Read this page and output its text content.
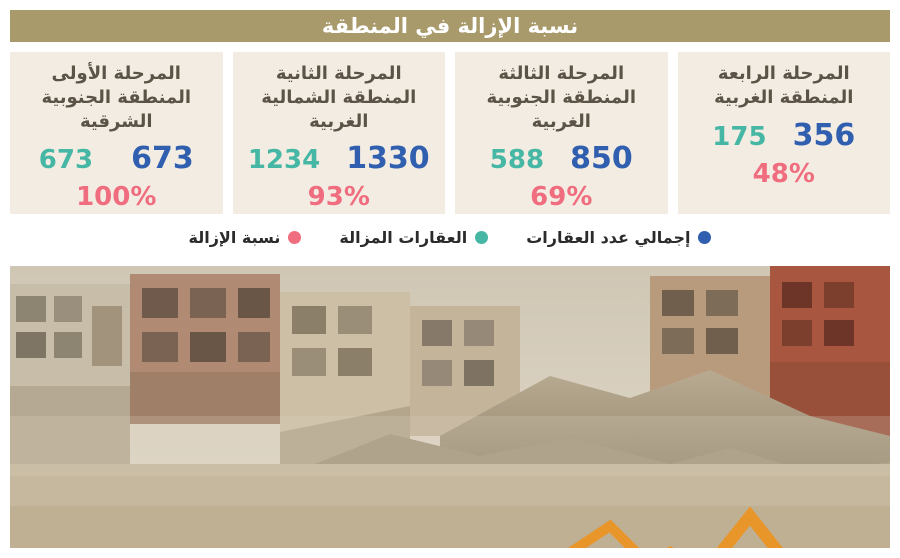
نسبة الإزالة في المنطقة
المرحلة الرابعة
المنطقة الغربية
356
175
48%
المرحلة الثالثة
المنطقة الجنوبية الغربية
850
588
69%
المرحلة الثانية
المنطقة الشمالية الغربية
1330
1234
93%
المرحلة الأولى
المنطقة الجنوبية الشرقية
673
673
100%
إجمالي عدد العقارات
العقارات المزالة
نسبة الإزالة
